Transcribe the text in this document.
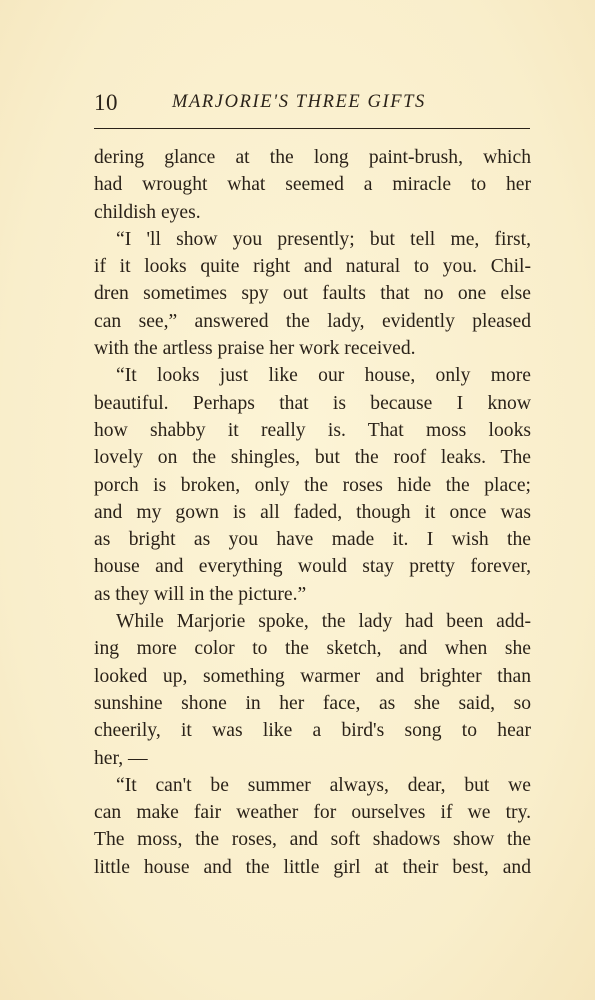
10	MARJORIE'S THREE GIFTS
dering glance at the long paint-brush, which
had wrought what seemed a miracle to her
childish eyes.
“I 'll show you presently; but tell me, first,
if it looks quite right and natural to you. Chil-
dren sometimes spy out faults that no one else
can see,” answered the lady, evidently pleased
with the artless praise her work received.
“It looks just like our house, only more
beautiful. Perhaps that is because I know
how shabby it really is. That moss looks
lovely on the shingles, but the roof leaks. The
porch is broken, only the roses hide the place;
and my gown is all faded, though it once was
as bright as you have made it. I wish the
house and everything would stay pretty forever,
as they will in the picture.”
While Marjorie spoke, the lady had been add-
ing more color to the sketch, and when she
looked up, something warmer and brighter than
sunshine shone in her face, as she said, so
cheerily, it was like a bird's song to hear
her, —
“It can't be summer always, dear, but we
can make fair weather for ourselves if we try.
The moss, the roses, and soft shadows show the
little house and the little girl at their best, and
